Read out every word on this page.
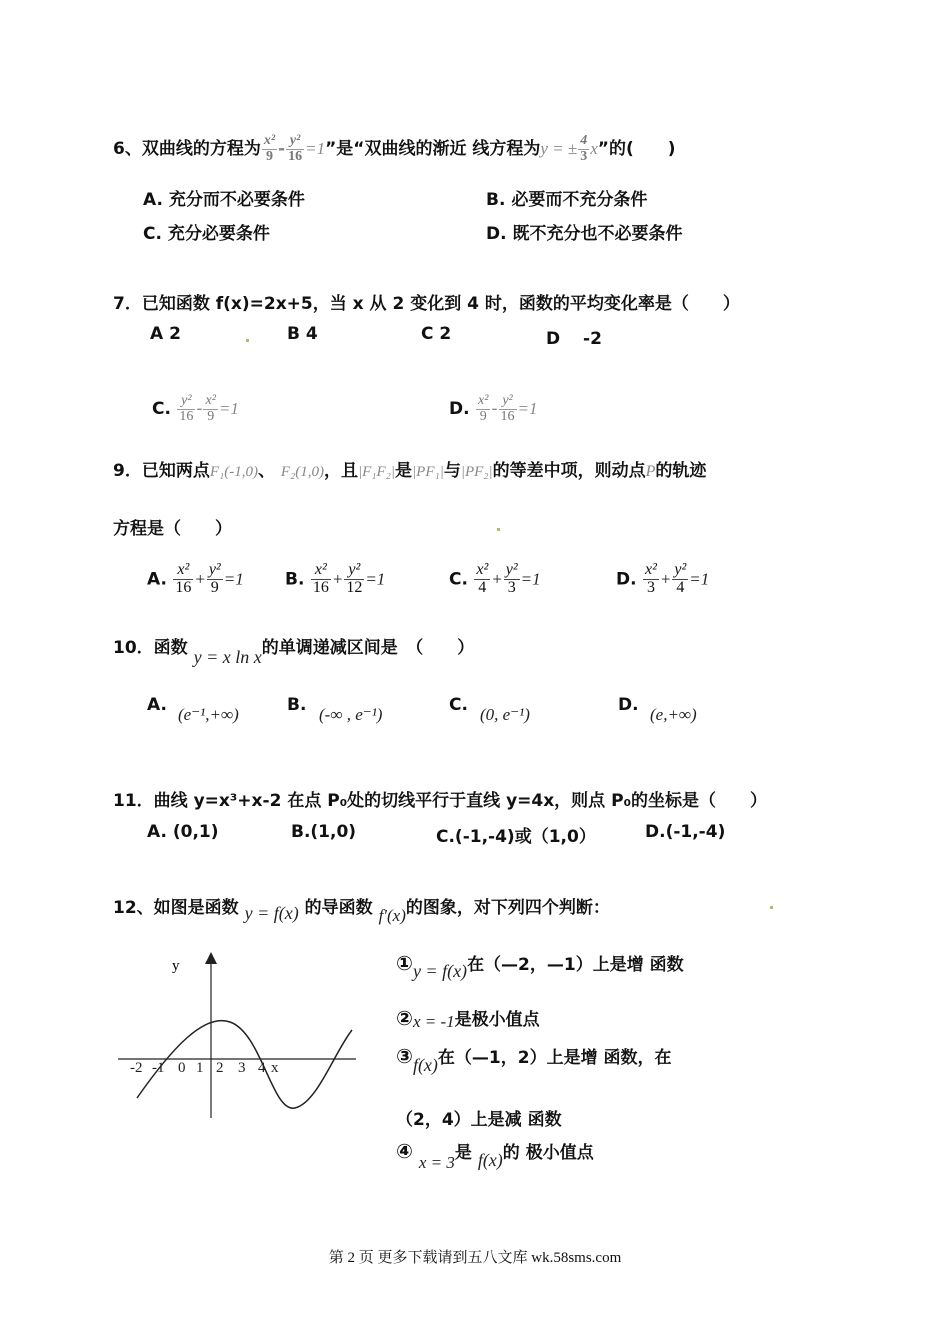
6、双曲线的方程为 $\frac{\text{x²}}{9} - \frac{\text{y²}}{16} =1$”是“双曲线的渐近 线方程为y = ± $\frac{4}{3} x$”的(　　)
A. 充分而不必要条件	B. 必要而不充分条件
C. 充分必要条件	D. 既不充分也不必要条件
7．已知函数 f(x)=2x+5，当 x 从 2 变化到 4 时，函数的平均变化率是（　　）
A 2	B 4	C 2	D　 -2
C. $\frac{\text{y²}}{16} - \frac{\text{x²}}{9} =1$	D. $\frac{\text{x²}}{9} - \frac{\text{y²}}{16} =1$
9．已知两点F₁(-1,0)、 F₂(1,0)，且|F₁F₂|是|PF₁|与|PF₂|的等差中项，则动点P的轨迹
方程是（　　）
A. $\frac{\text{x²}}{16} + \frac{\text{y²}}{9} =1$ B. $\frac{\text{x²}}{16} + \frac{\text{y²}}{12} =1$	C. $\frac{\text{x²}}{4} + \frac{\text{y²}}{3} =1$	D. $\frac{\text{x²}}{3} + \frac{\text{y²}}{4} =1$
10．函数 y = x ln x的单调递减区间是　（　　）
A. (e⁻¹,+∞)	B. (-∞ , e⁻¹)	C. (0, e⁻¹)	D. (e,+∞)
11．曲线 y=x³+x-2 在点 P₀处的切线平行于直线 y=4x，则点 P₀的坐标是（　　）
A. (0,1)	B.(1,0)	C.(-1,-4)或（1,0）	D.(-1,-4)
12、如图是函数 y = f(x) 的导函数 f′(x)的图象，对下列四个判断：
y
-2 -1 0 1 2 3 4 x
①y = f(x)在（—2，—1）上是增 函数
②x = -1是极小值点
③f(x)在（—1，2）上是增 函数，在
（2，4）上是减 函数
④ x = 3是 f(x)的 极小值点
第 2 页 更多下载请到五八文库 wk.58sms.com
